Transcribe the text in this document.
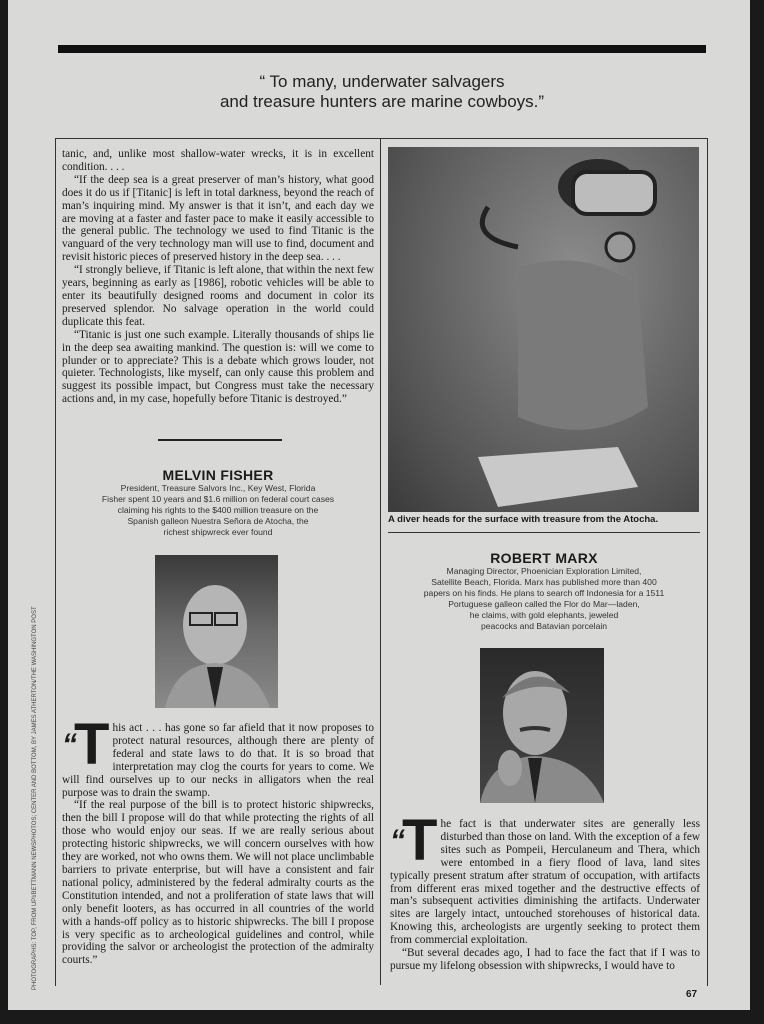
“ To many, underwater salvagers
and treasure hunters are marine cowboys.”

tanic, and, unlike most shallow-water wrecks, it is in excellent condition. . . .

“If the deep sea is a great preserver of man’s history, what good does it do us if [Titanic] is left in total darkness, beyond the reach of man’s inquiring mind. My answer is that it isn’t, and each day we are moving at a faster and faster pace to make it easily accessible to the general public. The technology we used to find Titanic is the vanguard of the very technology man will use to find, document and revisit historic pieces of preserved history in the deep sea. . . .

“I strongly believe, if Titanic is left alone, that within the next few years, beginning as early as [1986], robotic vehicles will be able to enter its beautifully designed rooms and document in color its preserved splendor. No salvage operation in the world could duplicate this feat.

“Titanic is just one such example. Literally thousands of ships lie in the deep sea awaiting mankind. The question is: will we come to plunder or to appreciate? This is a debate which grows louder, not quieter. Technologists, like myself, can only cause this problem and suggest its possible impact, but Congress must take the necessary actions and, in my case, hopefully before Titanic is destroyed.”

MELVIN FISHER
President, Treasure Salvors Inc., Key West, Florida
Fisher spent 10 years and $1.6 million on federal court cases
claiming his rights to the $400 million treasure on the
Spanish galleon Nuestra Señora de Atocha, the
richest shipwreck ever found
“T his act . . . has gone so far afield that it now proposes to protect natural resources, although there are plenty of federal and state laws to do that. It is so broad that interpretation may clog the courts for years to come. We will find ourselves up to our necks in alligators when the real purpose was to drain the swamp.

“If the real purpose of the bill is to protect historic shipwrecks, then the bill I propose will do that while protecting the rights of all those who would enjoy our seas. If we are really serious about protecting historic shipwrecks, we will concern ourselves with how they are worked, not who owns them. We will not place unclimbable barriers to private enterprise, but will have a consistent and fair national policy, administered by the federal admiralty courts as the Constitution intended, and not a proliferation of state laws that will only benefit looters, as has occurred in all countries of the world with a hands-off policy as to historic shipwrecks. The bill I propose is very specific as to archeological guidelines and control, while providing the salvor or archeologist the protection of the admiralty courts.”

A diver heads for the surface with treasure from the Atocha.
ROBERT MARX
Managing Director, Phoenician Exploration Limited,
Satellite Beach, Florida. Marx has published more than 400
papers on his finds. He plans to search off Indonesia for a 1511
Portuguese galleon called the Flor do Mar—laden,
he claims, with gold elephants, jeweled
peacocks and Batavian porcelain
“T he fact is that underwater sites are generally less disturbed than those on land. With the exception of a few sites such as Pompeii, Herculaneum and Thera, which were entombed in a fiery flood of lava, land sites typically present stratum after stratum of occupation, with artifacts from different eras mixed together and the destructive effects of man’s subsequent activities diminishing the artifacts. Underwater sites are largely intact, untouched storehouses of historical data. Knowing this, archeologists are urgently seeking to protect them from commercial exploitation.

“But several decades ago, I had to face the fact that if I was to pursue my lifelong obsession with shipwrecks, I would have to

PHOTOGRAPHS: TOP, FROM UPI/BETTMANN NEWSPHOTOS; CENTER AND BOTTOM, BY JAMES ATHERTON/THE WASHINGTON POST
67
